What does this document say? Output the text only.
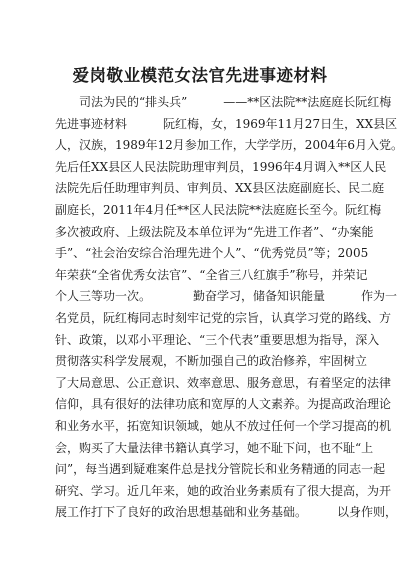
爱岗敬业模范女法官先进事迹材料
　　司法为民的“排头兵”　　　——**区法院**法庭庭长阮红梅
先进事迹材料　　　阮红梅，女，1969年11月27日生，XX县区
人，汉族，1989年12月参加工作，大学学历，2004年6月入党。
先后任XX县区人民法院助理审判员，1996年4月调入**区人民
法院先后任助理审判员、审判员、XX县区法庭副庭长、民二庭
副庭长，2011年4月任**区人民法院**法庭庭长至今。阮红梅
多次被政府、上级法院及本单位评为“先进工作者”、“办案能
手”、“社会治安综合治理先进个人”、“优秀党员”等；2005
年荣获“全省优秀女法官”、“全省三八红旗手”称号，并荣记
个人三等功一次。　　　　勤奋学习，储备知识能量　　　作为一
名党员，阮红梅同志时刻牢记党的宗旨，认真学习党的路线、方
针、政策，以邓小平理论、“三个代表”重要思想为指导，深入
贯彻落实科学发展观，不断加强自己的政治修养，牢固树立
了大局意思、公正意识、效率意思、服务意思，有着坚定的法律
信仰，具有很好的法律功底和宽厚的人文素养。为提高政治理论
和业务水平，拓宽知识领域，她从不放过任何一个学习提高的机
会，购买了大量法律书籍认真学习，她不耻下问，也不耻“上
问”，每当遇到疑难案件总是找分管院长和业务精通的同志一起
研究、学习。近几年来，她的政治业务素质有了很大提高，为开
展工作打下了良好的政治思想基础和业务基础。　　　以身作则，
